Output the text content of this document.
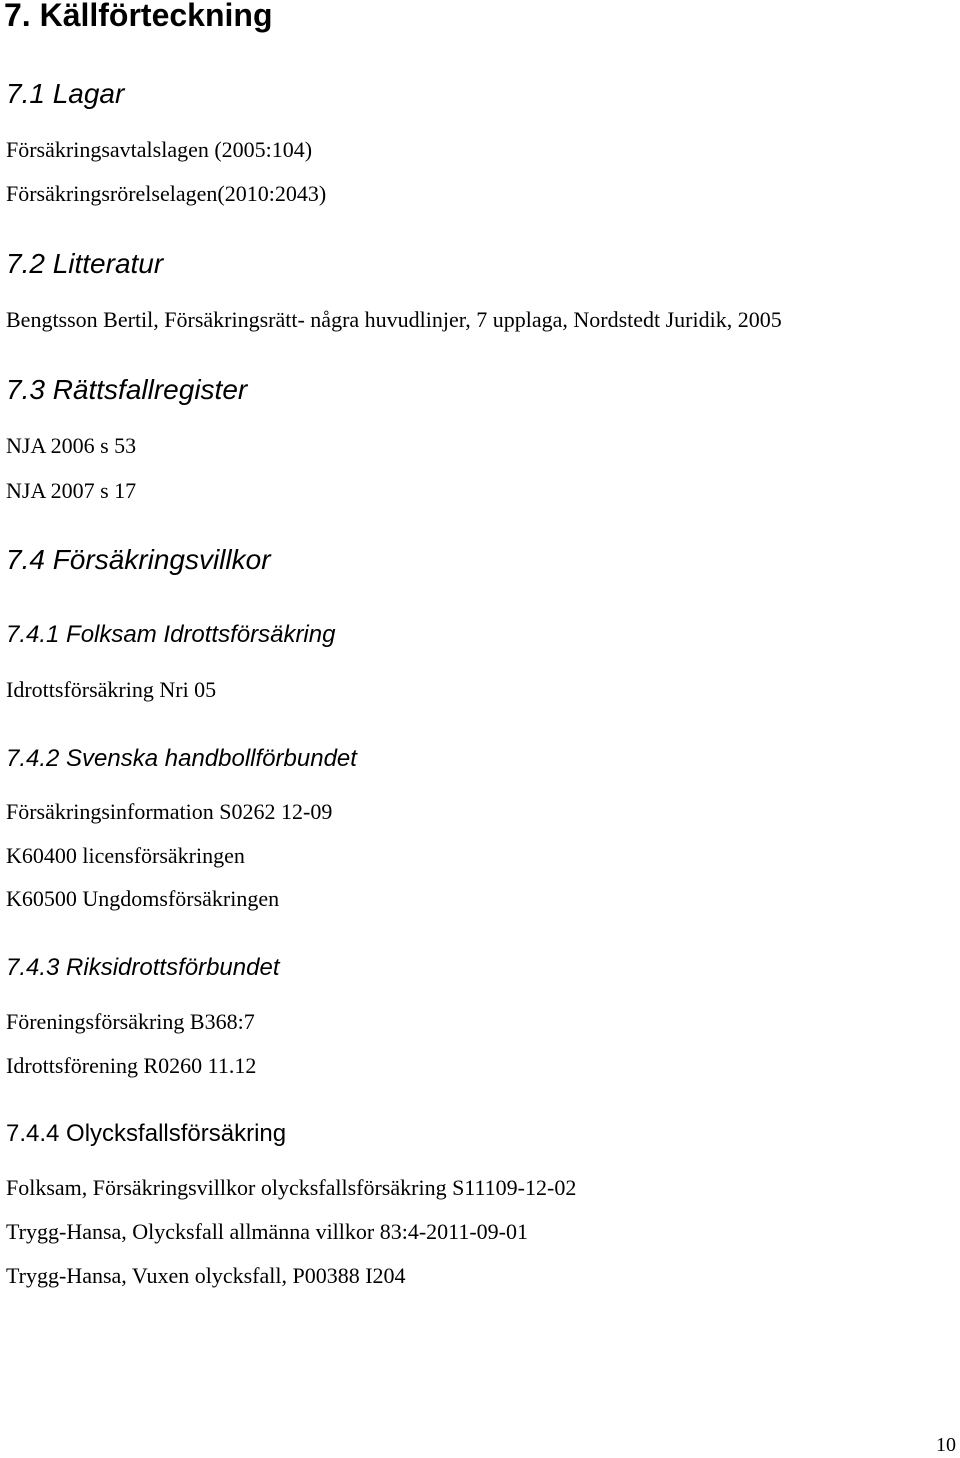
7. Källförteckning
7.1 Lagar

Försäkringsavtalslagen (2005:104)

Försäkringsrörelselagen(2010:2043)

7.2 Litteratur

Bengtsson Bertil, Försäkringsrätt- några huvudlinjer, 7 upplaga, Nordstedt Juridik, 2005

7.3 Rättsfallregister

NJA 2006 s 53

NJA 2007 s 17

7.4 Försäkringsvillkor
7.4.1 Folksam Idrottsförsäkring

Idrottsförsäkring Nri 05

7.4.2 Svenska handbollförbundet

Försäkringsinformation S0262 12-09

K60400 licensförsäkringen

K60500 Ungdomsförsäkringen

7.4.3 Riksidrottsförbundet

Föreningsförsäkring B368:7

Idrottsförening R0260 11.12

7.4.4 Olycksfallsförsäkring

Folksam, Försäkringsvillkor olycksfallsförsäkring S11109-12-02

Trygg-Hansa, Olycksfall allmänna villkor 83:4-2011-09-01

Trygg-Hansa, Vuxen olycksfall, P00388 I204

10
